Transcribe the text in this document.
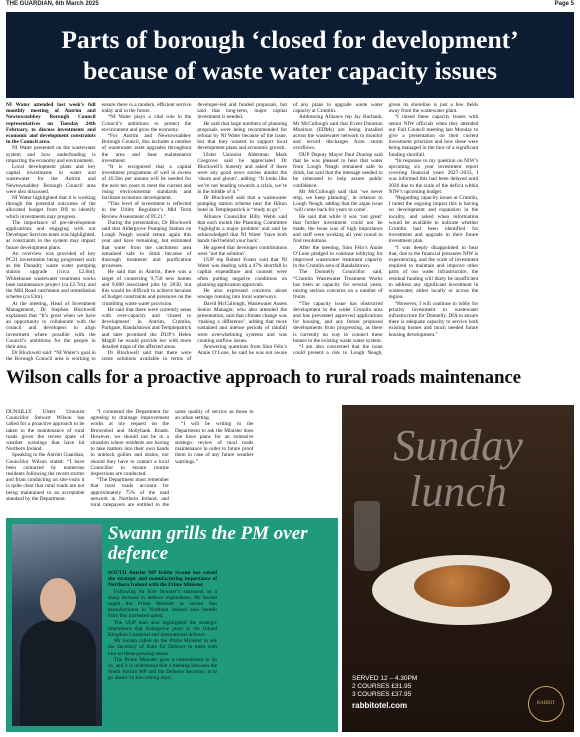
THE GUARDIAN, 6th March 2025	Page 5
Parts of borough ‘closed for development’
because of waste water capacity issues

NI Water attended last week’s full monthly meeting of Antrim and Newtownabbey Borough Council representatives on Tuesday 24th February, to discuss investments and economic and development constraints in the Council area.

NI Water presented on the wastewater system and how underfunding is impacting the economy and environment.

Local development plans and key capital investments in water and wastewater for the Antrim and Newtownabbey Borough Council area were also discussed.

NI Water highlighted that it is working through the potential outcomes of the allocated budget from DfI to identify which investments may progress.

The importance of pre-development applications and engaging with our Developer Services team was highlighted, as constraints in the system may impact future development plans.

An overview was provided of key PC21 investments being progressed such as the Dunadry waste water pumping station upgrade (circa £2.6m); Whitehouse wastewater treatment works base maintenance project (ca £2.7m); and the Mill Road catchment and remediation scheme (ca £3m).

At the meeting, Head of Investment Management, Dr Stephen Blockwell explained that “It’s great when we have an opportunity to collaborate with the council and developers to align investment where possible with the Council’s ambitions for the people in their area.

Dr Blockwell said: “NI Water’s goal in the Borough Council area is working to ensure there is a modern, efficient service today and in the future.

“NI Water plays a vital role in the Council’s ambitions to protect the environment and grow the economy.

“For Antrim and Newtownabbey Borough Council, this includes a number of wastewater asset upgrades throughout the area and base maintenance investment.

“It is recognised that a capital investment programme of well in excess of £0.5bn per annum will be needed for the next ten years to meet the current and rising environmental standards and facilitate economic development.

“This level of investment is reflected in the Utility Regulator’s Mid Term Review Assessment of PC21.”

During the presentation, Dr Blockwell said that Aldergrove Pumping Station on Lough Neagh would return again this year and have remaining, but estimated that water from the catchment area remained safe to drink because of thorough treatment and purification processes.

He said that in Antrim, there was a target of connecting 9,750 new homes and 9,000 associated jobs by 2030, but this would be difficult to achieve because of budget constraints and pressures on the crumbling waste water provision.

He said that there were currently areas with over-capacity and ‘closed to development’ in Antrim, Crumlin, Parkgate, Randalstown and Templepatrick and later promised the DUP’s Helen Magill he would provide her with more detailed maps of the affected areas.

Dr Blockwell said that there were some solutions available in terms of developer-led and funded proposals, but said that long-term, major capital investment is needed.

He said that large numbers of planning proposals were being recommended for refusal by NI Water because of the issue, but that they wanted to support local development plans and economic growth.

Ulster Unionist Alderman Mark Cosgrove said he appreciated Dr Blockwell’s honesty and asked if there were any good news stories amidst the ‘doom and gloom’, adding: “It looks like we’re not heading towards a crisis, we’re in the middle of it.”

Dr Blockwell said that a wastewater pumping station scheme near the Hilton hotel in Templepatrick is “ready to go”.

Alliance Councillor Billy Webb said that each month the Planning Committee ‘highlights a major problem’ and said he acknowledged that NI Water ‘have both hands tied behind your back’.

He agreed that developer contributions were ‘not the solution’.

UUP rep Robert Foster said that NI Water was dealing with a 47% shortfall in capital expenditure and counsel were often putting negative conditions on planning application approvals.

He also expressed concerns about sewage running into local waterways.

David McCullough, Wastewater Assets Senior Manager, who also attended the presentation, said that climate change was ‘making a difference’, adding that more sustained and intense periods of rainfall were overwhelming systems and was creating outflow issues.

Answering questions from Sinn Féin’s Annie O’Lone, he said he was not aware of any plans to upgrade waste water capacity at Crumlin.

Addressing Alliance rep Jay Burbank, Mr McCullough said that Event Duration Monitors (EDMs) are being installed across the wastewater network to monitor and record discharges from storm overflows.

DUP Deputy Mayor Paul Dunlop said that he was pleased to hear that water from Lough Neagh remained safe to drink, but said that the message needed to be reiterated to help assure public confidence.

Mr McCullough said that ‘we never stop, we keep planning’, in relation to Lough Neagh, adding that the algae issue ‘will come back for years to come’.

He said that while it was ‘not great’ that further investment could not be made, the issue was of high importance and staff were working all year round to find resolutions.

After the meeting, Sinn Féin’s Annie O’Lone pledged to continue lobbying for improved wastewater treatment capacity in the Crumlin area of Randalstown.

The Donnelly Councillor said, “Crumlin Wastewater Treatment Works has been at capacity for several years, raising serious concerns on a number of fronts.

“The capacity issue has obstructed development in the wider Crumlin area and has prevented approved applications for housing, and any future proposed developments from progressing, as there is currently no way to connect these homes to the existing waste water system.

“I am also concerned that the issue could present a risk to Lough Neagh, given its shoreline is just a few fields away from the wastewater plant.

“I raised these capacity issues with senior NIW officials when they attended our Full Council meeting last Monday to give a presentation on their current investment priorities and how these were being managed in the face of a significant funding shortfall.

“In response to my question on NIW’s upcoming six year investment report covering financial years 2027–2033, I was informed this had been delayed until 2026 due to the scale of the deficit within NIW’s upcoming budget.

“Regarding capacity issues at Crumlin, I noted the ongoing impact this is having on development and expansion in the locality, and asked when information would be available to indicate whether Crumlin had been identified for investment and upgrade in their future investment plan.

“I was deeply disappointed to hear that, due to the financial pressures NIW is experiencing, and the scale of investment required to maintain and improve other parts of our water infrastructure, the residual funding will likely be insufficient to address any significant investment in wastewater, either locally or across the region.

“However, I will continue to lobby for priority investment in wastewater infrastructure for Donnelly. DfA to ensure there is adequate capacity to service both existing homes and much needed future housing development.”

Wilson calls for a proactive approach to rural roads maintenance

DUNSILLY Ulster Unionist Councillor Stewart Wilson has called for a proactive approach to be taken to the maintenance of rural roads given the recent spate of weather warnings that have hit Northern Ireland.

Speaking to the Antrim Guardian, Councillor Wilson stated: “I have been contacted by numerous residents following the recent storms and from conducting on site-visits it is quite clear that rural roads are not being maintained to an acceptable standard by the Department.

“I commend the Department for agreeing to drainage improvement works at my request on the Browndod and Hollybank Roads. However, we should not be in a situation where residents are having to take matters into their own hands to unblock gullies and drains, nor should they have to contact a local Councillor to ensure routine inspections are conducted.

“The Department must remember that rural roads account for approximately 75% of the road network in Northern Ireland, and rural ratepayers are entitled to the same quality of service as those in an urban setting.

“I will be writing to the Department to ask the Minister does she have plans for an extensive strategic review of rural roads maintenance in order to future proof them in case of any future weather warnings.”

Swann grills the PM over defence

SOUTH Antrim MP Robin Swann has raised the strategic and manufacturing importance of Northern Ireland with the Prime Minister.

Following Sir Keir Starmer’s statement on a sharp increase in defence expenditure, Mr Swann urged the Prime Minister to ensure that manufacturers in Northern Ireland also benefit from this increased spend.

The UUP man also highlighted the strategic importance that Aldergrove plays in the United Kingdom’s national and international defence.

Mr Swann called on the Prime Minister to ask the Secretary of State for Defence to meet with him on these pressing issues.

The Prime Minister gave a commitment to do so, and it is understood that a meeting between the South Antrim MP and the Defence Secretary is to go ahead ‘in the coming days’.

Sunday
lunch
SERVED 12 – 4.30PM
2 COURSES £31.95
3 COURSES £37.95
rabbitotel.com	RABBIT
